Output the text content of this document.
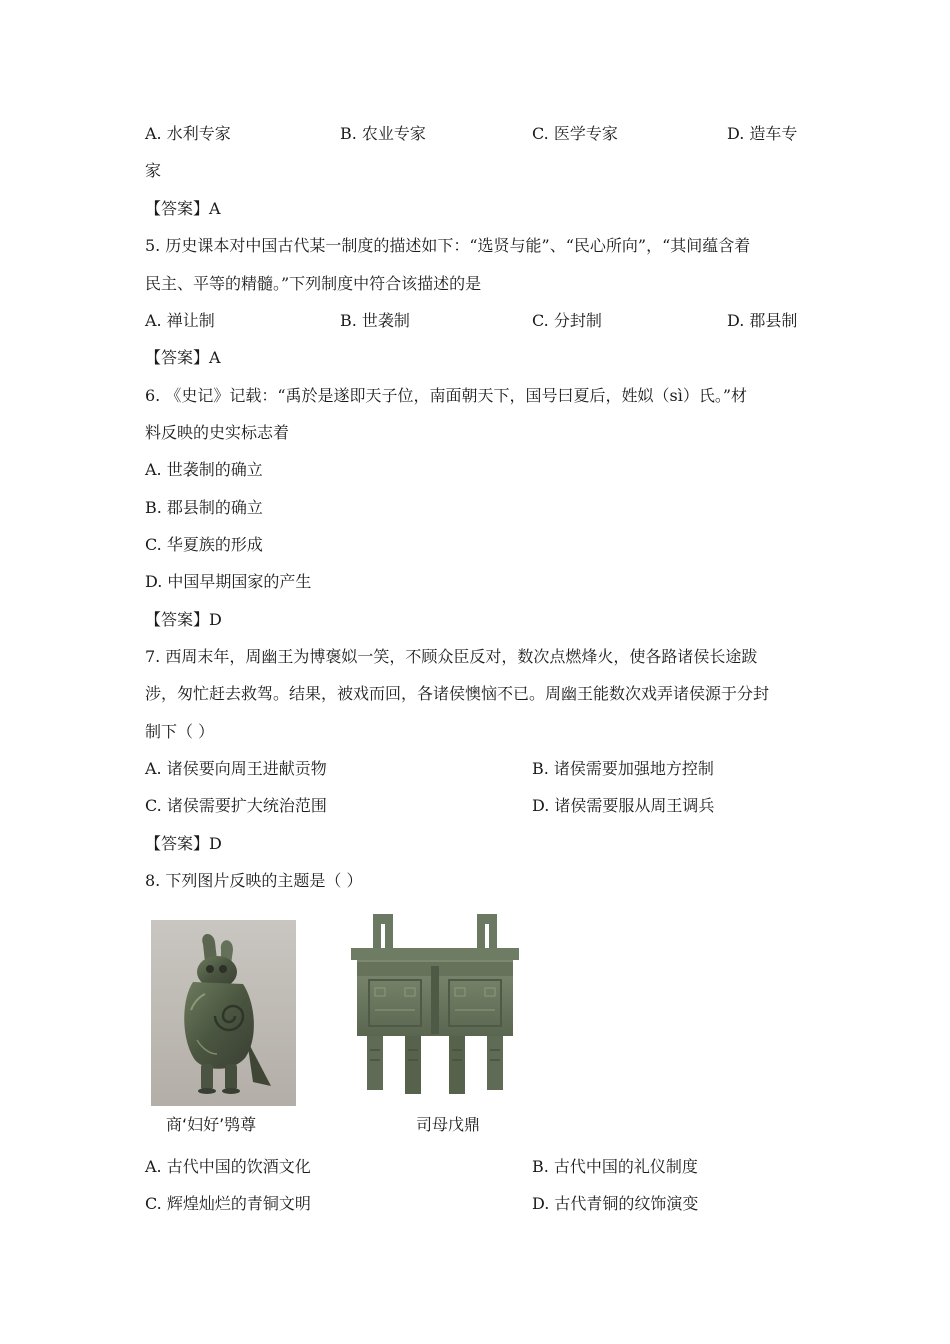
A. 水利专家	B. 农业专家	C. 医学专家	D. 造车专
家
【答案】A
5. 历史课本对中国古代某一制度的描述如下：“选贤与能”、“民心所向”，“其间蕴含着
民主、平等的精髓。”下列制度中符合该描述的是
A. 禅让制	B. 世袭制	C. 分封制	D. 郡县制
【答案】A
6. 《史记》记载：“禹於是遂即天子位，南面朝天下，国号曰夏后，姓姒（sì）氏。”材
料反映的史实标志着
A. 世袭制的确立
B. 郡县制的确立
C. 华夏族的形成
D. 中国早期国家的产生
【答案】D
7. 西周末年，周幽王为博褒姒一笑，不顾众臣反对，数次点燃烽火，使各路诸侯长途跋
涉，匆忙赶去救驾。结果，被戏而回，各诸侯懊恼不已。周幽王能数次戏弄诸侯源于分封
制下（ ）
A. 诸侯要向周王进献贡物	B. 诸侯需要加强地方控制
C. 诸侯需要扩大统治范围	D. 诸侯需要服从周王调兵
【答案】D
8. 下列图片反映的主题是（ ）
商‘妇好’鸮尊	司母戊鼎
A. 古代中国的饮酒文化	B. 古代中国的礼仪制度
C. 辉煌灿烂的青铜文明	D. 古代青铜的纹饰演变
